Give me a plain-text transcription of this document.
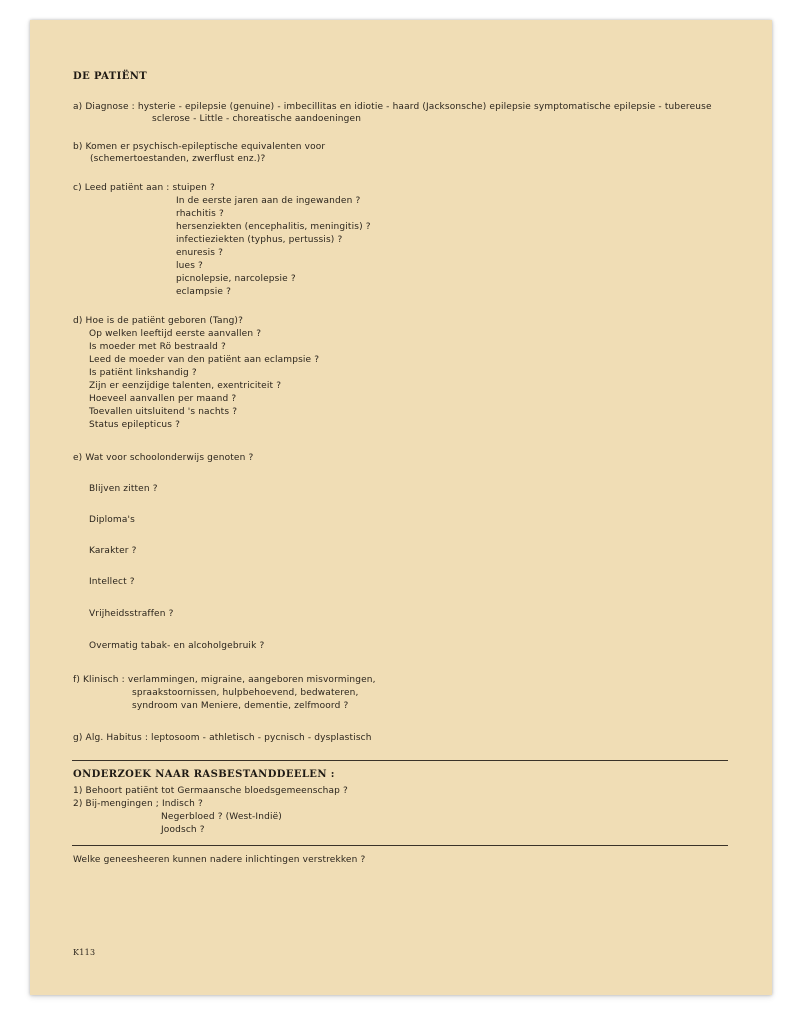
DE PATIËNT
a) Diagnose : hysterie - epilepsie (genuine) - imbecillitas en idiotie - haard (Jacksonsche) epilepsie symptomatische epilepsie - tubereuse
sclerose - Little - choreatische aandoeningen
b) Komen er psychisch-epileptische equivalenten voor
(schemertoestanden, zwerflust enz.)?
c) Leed patiënt aan : stuipen ?
In de eerste jaren aan de ingewanden ?
rhachitis ?
hersenziekten (encephalitis, meningitis) ?
infectieziekten (typhus, pertussis) ?
enuresis ?
lues ?
picnolepsie, narcolepsie ?
eclampsie ?
d) Hoe is de patiënt geboren (Tang)?
Op welken leeftijd eerste aanvallen ?
Is moeder met Rö bestraald ?
Leed de moeder van den patiënt aan eclampsie ?
Is patiënt linkshandig ?
Zijn er eenzijdige talenten, exentriciteit ?
Hoeveel aanvallen per maand ?
Toevallen uitsluitend 's nachts ?
Status epilepticus ?
e) Wat voor schoolonderwijs genoten ?
Blijven zitten ?
Diploma's
Karakter ?
Intellect ?
Vrijheidsstraffen ?
Overmatig tabak- en alcoholgebruik ?
f) Klinisch : verlammingen, migraine, aangeboren misvormingen,
spraakstoornissen, hulpbehoevend, bedwateren,
syndroom van Meniere, dementie, zelfmoord ?
g) Alg. Habitus : leptosoom - athletisch - pycnisch - dysplastisch
ONDERZOEK NAAR RASBESTANDDEELEN :
1) Behoort patiënt tot Germaansche bloedsgemeenschap ?
2) Bij-mengingen ; Indisch ?
Negerbloed ? (West-Indië)
Joodsch ?
Welke geneesheeren kunnen nadere inlichtingen verstrekken ?
K113
